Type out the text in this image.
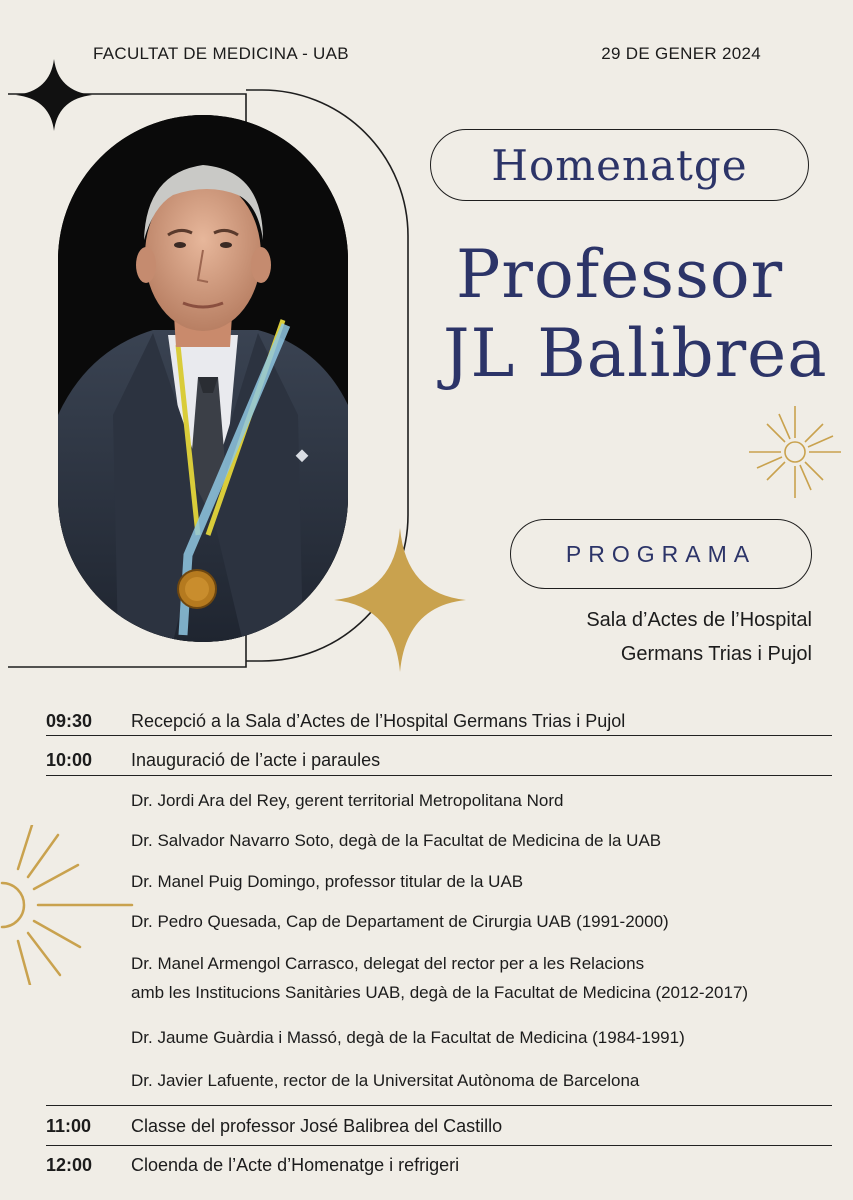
FACULTAT DE MEDICINA - UAB	29 DE GENER 2024
Homenatge
Professor
JL Balibrea
PROGRAMA
Sala d’Actes de l’Hospital
Germans Trias i Pujol
09:30 Recepció a la Sala d’Actes de l’Hospital Germans Trias i Pujol
10:00 Inauguració de l’acte i paraules
Dr. Jordi Ara del Rey, gerent territorial Metropolitana Nord
Dr. Salvador Navarro Soto, degà de la Facultat de Medicina de la UAB
Dr. Manel Puig Domingo, professor titular de la UAB
Dr. Pedro Quesada, Cap de Departament de Cirurgia UAB (1991-2000)
Dr. Manel Armengol Carrasco, delegat del rector per a les Relacions
amb les Institucions Sanitàries UAB, degà de la Facultat de Medicina (2012-2017)
Dr. Jaume Guàrdia i Massó, degà de la Facultat de Medicina (1984-1991)
Dr. Javier Lafuente, rector de la Universitat Autònoma de Barcelona
11:00 Classe del professor José Balibrea del Castillo
12:00 Cloenda de l’Acte d’Homenatge i refrigeri
